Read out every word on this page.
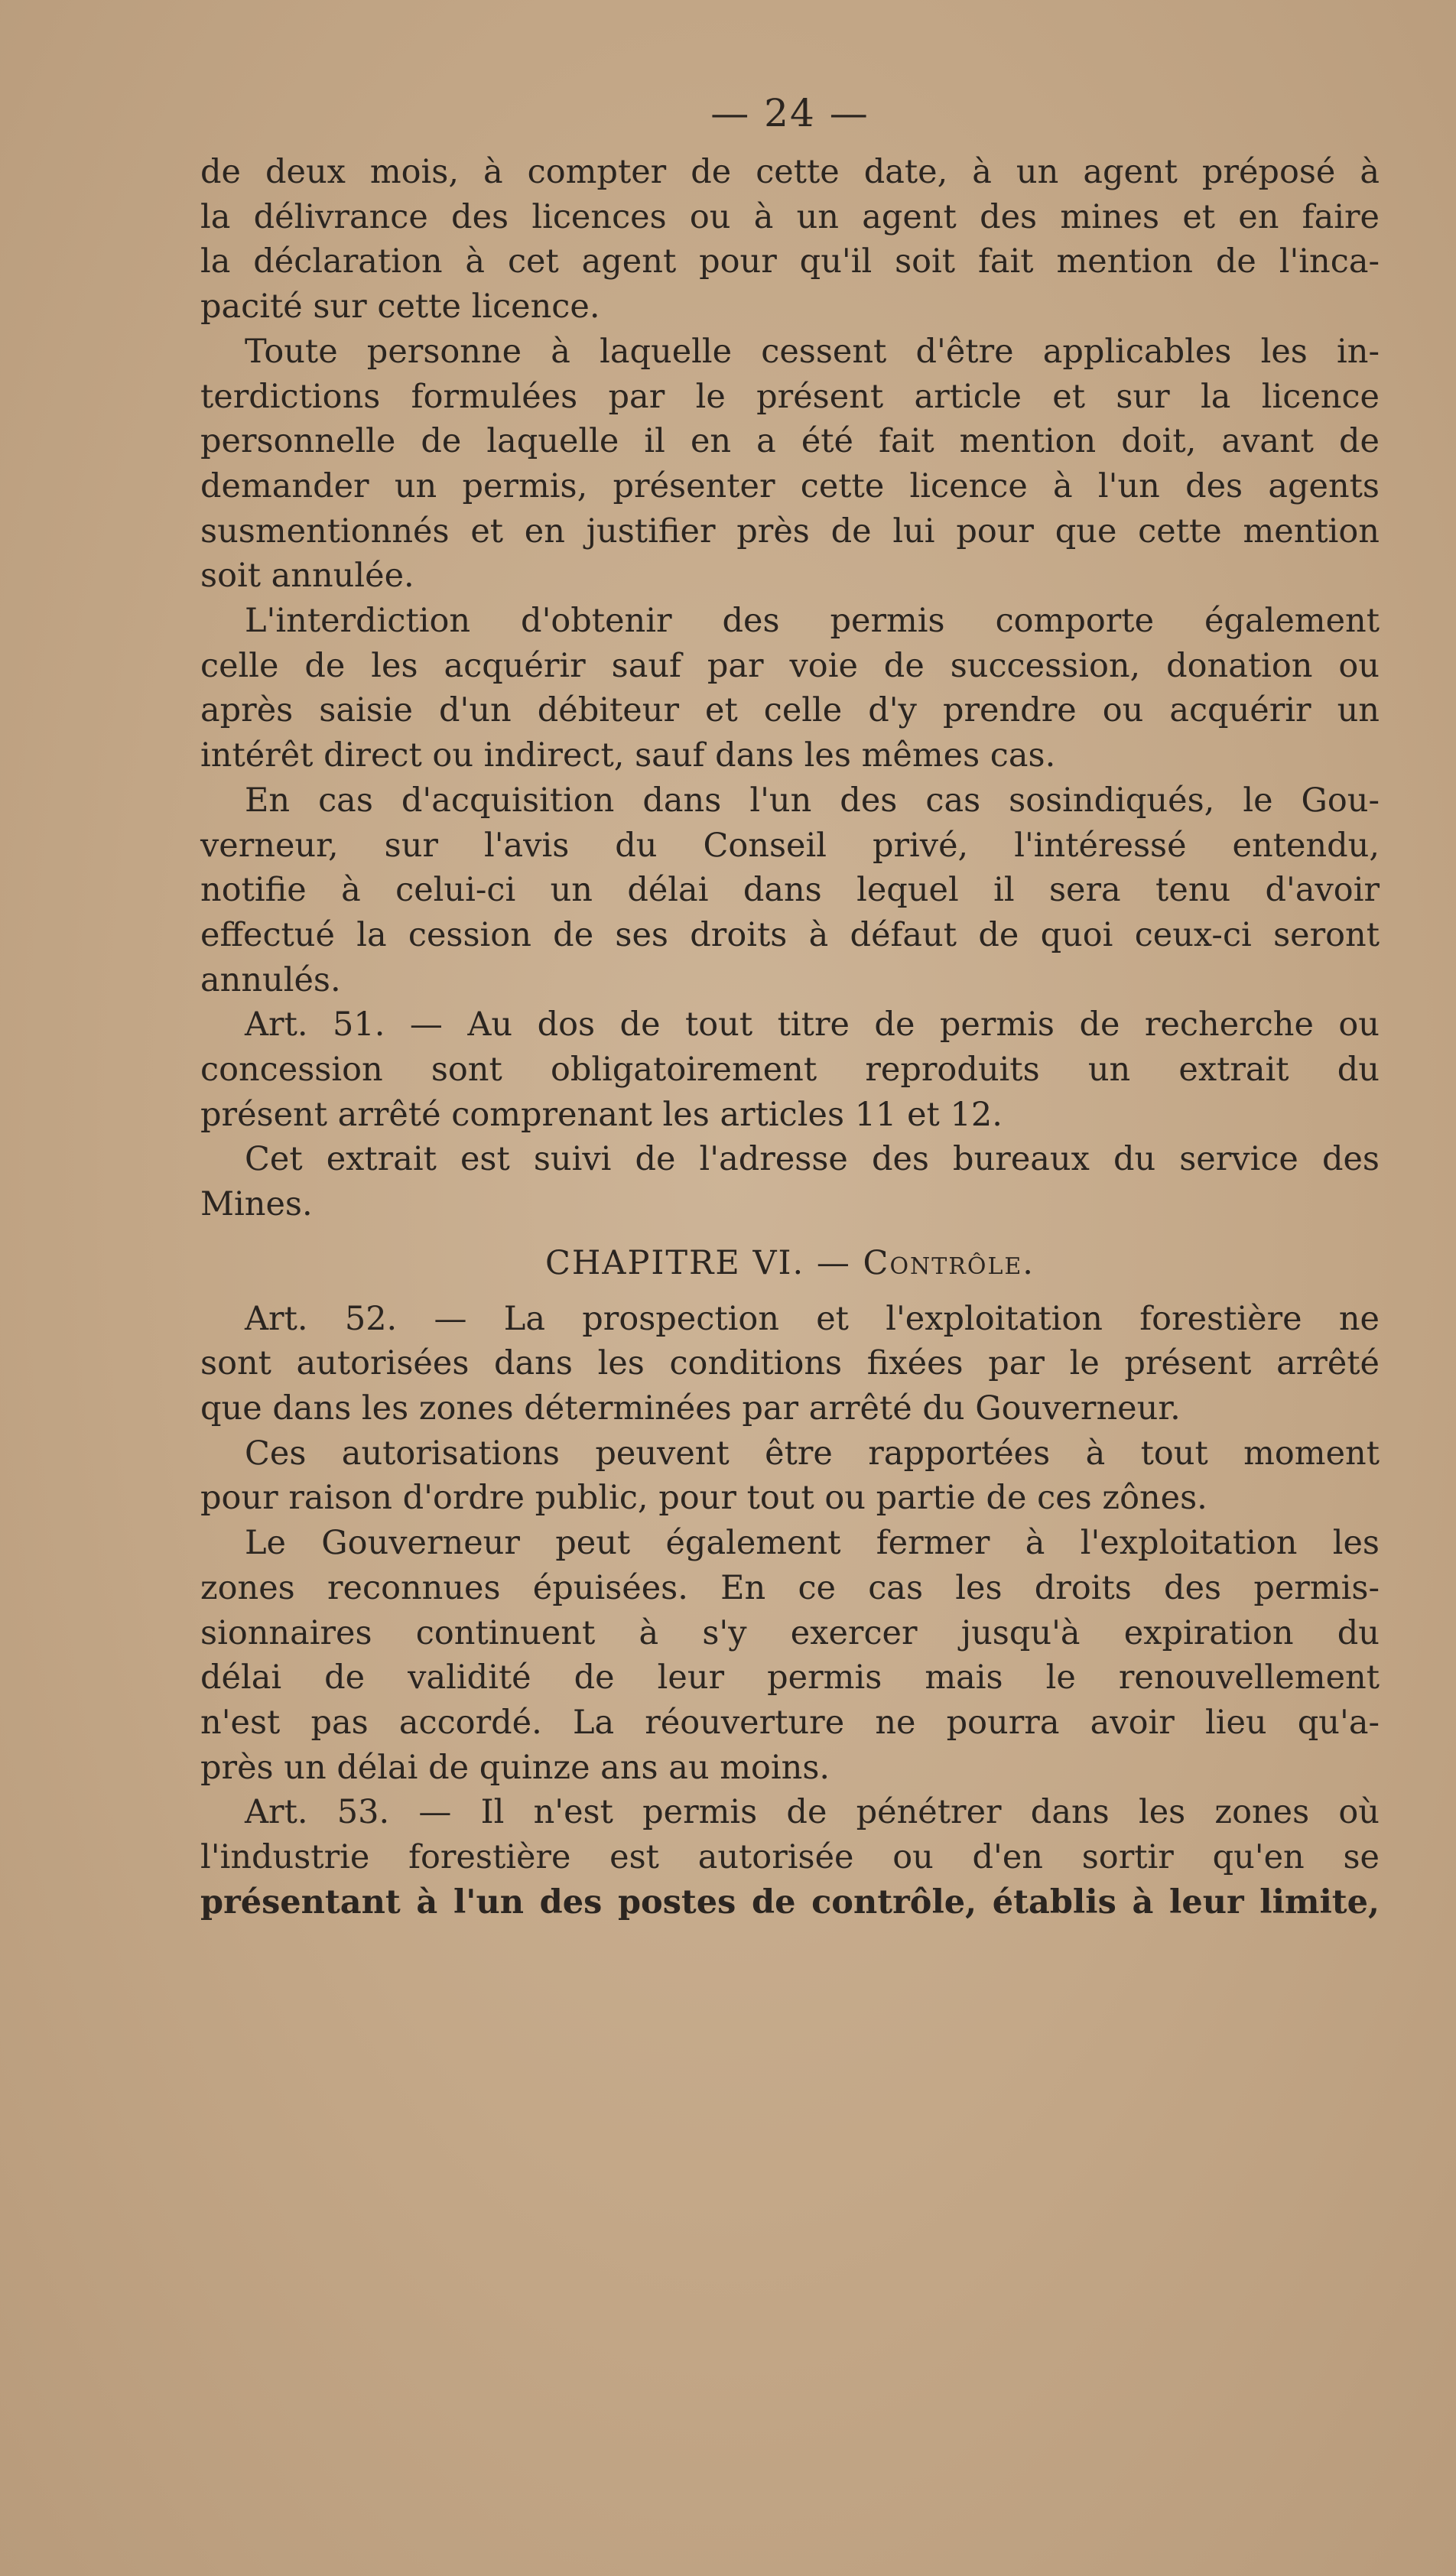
— 24 —

de deux mois, à compter de cette date, à un agent préposé à
la délivrance des licences ou à un agent des mines et en faire
la déclaration à cet agent pour qu'il soit fait mention de l'inca-
pacité sur cette licence.

Toute personne à laquelle cessent d'être applicables les in-
terdictions formulées par le présent article et sur la licence
personnelle de laquelle il en a été fait mention doit, avant de
demander un permis, présenter cette licence à l'un des agents
susmentionnés et en justifier près de lui pour que cette mention
soit annulée.

L'interdiction d'obtenir des permis comporte également
celle de les acquérir sauf par voie de succession, donation ou
après saisie d'un débiteur et celle d'y prendre ou acquérir un
intérêt direct ou indirect, sauf dans les mêmes cas.

En cas d'acquisition dans l'un des cas sosindiqués, le Gou-
verneur, sur l'avis du Conseil privé, l'intéressé entendu,
notifie à celui-ci un délai dans lequel il sera tenu d'avoir
effectué la cession de ses droits à défaut de quoi ceux-ci seront
annulés.

Art. 51. — Au dos de tout titre de permis de recherche ou
concession sont obligatoirement reproduits un extrait du
présent arrêté comprenant les articles 11 et 12.

Cet extrait est suivi de l'adresse des bureaux du service des
Mines.

CHAPITRE VI. — Contrôle.

Art. 52. — La prospection et l'exploitation forestière ne
sont autorisées dans les conditions fixées par le présent arrêté
que dans les zones déterminées par arrêté du Gouverneur.

Ces autorisations peuvent être rapportées à tout moment
pour raison d'ordre public, pour tout ou partie de ces zônes.

Le Gouverneur peut également fermer à l'exploitation les
zones reconnues épuisées. En ce cas les droits des permis-
sionnaires continuent à s'y exercer jusqu'à expiration du
délai de validité de leur permis mais le renouvellement
n'est pas accordé. La réouverture ne pourra avoir lieu qu'a-
près un délai de quinze ans au moins.

Art. 53. — Il n'est permis de pénétrer dans les zones où
l'industrie forestière est autorisée ou d'en sortir qu'en se
présentant à l'un des postes de contrôle, établis à leur limite,
